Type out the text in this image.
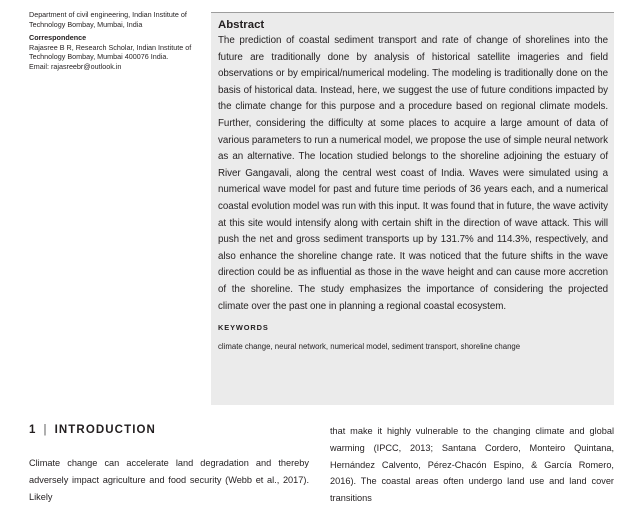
Department of civil engineering, Indian Institute of Technology Bombay, Mumbai, India
Correspondence
Rajasree B R, Research Scholar, Indian Institute of Technology Bombay, Mumbai 400076 India.
Email: rajasreebr@outlook.in
Abstract
The prediction of coastal sediment transport and rate of change of shorelines into the future are traditionally done by analysis of historical satellite imageries and field observations or by empirical/numerical modeling. The modeling is traditionally done on the basis of historical data. Instead, here, we suggest the use of future conditions impacted by the climate change for this purpose and a procedure based on regional climate models. Further, considering the difficulty at some places to acquire a large amount of data of various parameters to run a numerical model, we propose the use of simple neural network as an alternative. The location studied belongs to the shoreline adjoining the estuary of River Gangavali, along the central west coast of India. Waves were simulated using a numerical wave model for past and future time periods of 36 years each, and a numerical coastal evolution model was run with this input. It was found that in future, the wave activity at this site would intensify along with certain shift in the direction of wave attack. This will push the net and gross sediment transports up by 131.7% and 114.3%, respectively, and also enhance the shoreline change rate. It was noticed that the future shifts in the wave direction could be as influential as those in the wave height and can cause more accretion of the shoreline. The study emphasizes the importance of considering the projected climate over the past one in planning a regional coastal ecosystem.
KEYWORDS
climate change, neural network, numerical model, sediment transport, shoreline change
1 | INTRODUCTION
Climate change can accelerate land degradation and thereby adversely impact agriculture and food security (Webb et al., 2017). Likely
that make it highly vulnerable to the changing climate and global warming (IPCC, 2013; Santana Cordero, Monteiro Quintana, Hernández Calvento, Pérez-Chacón Espino, & García Romero, 2016). The coastal areas often undergo land use and land cover transitions
